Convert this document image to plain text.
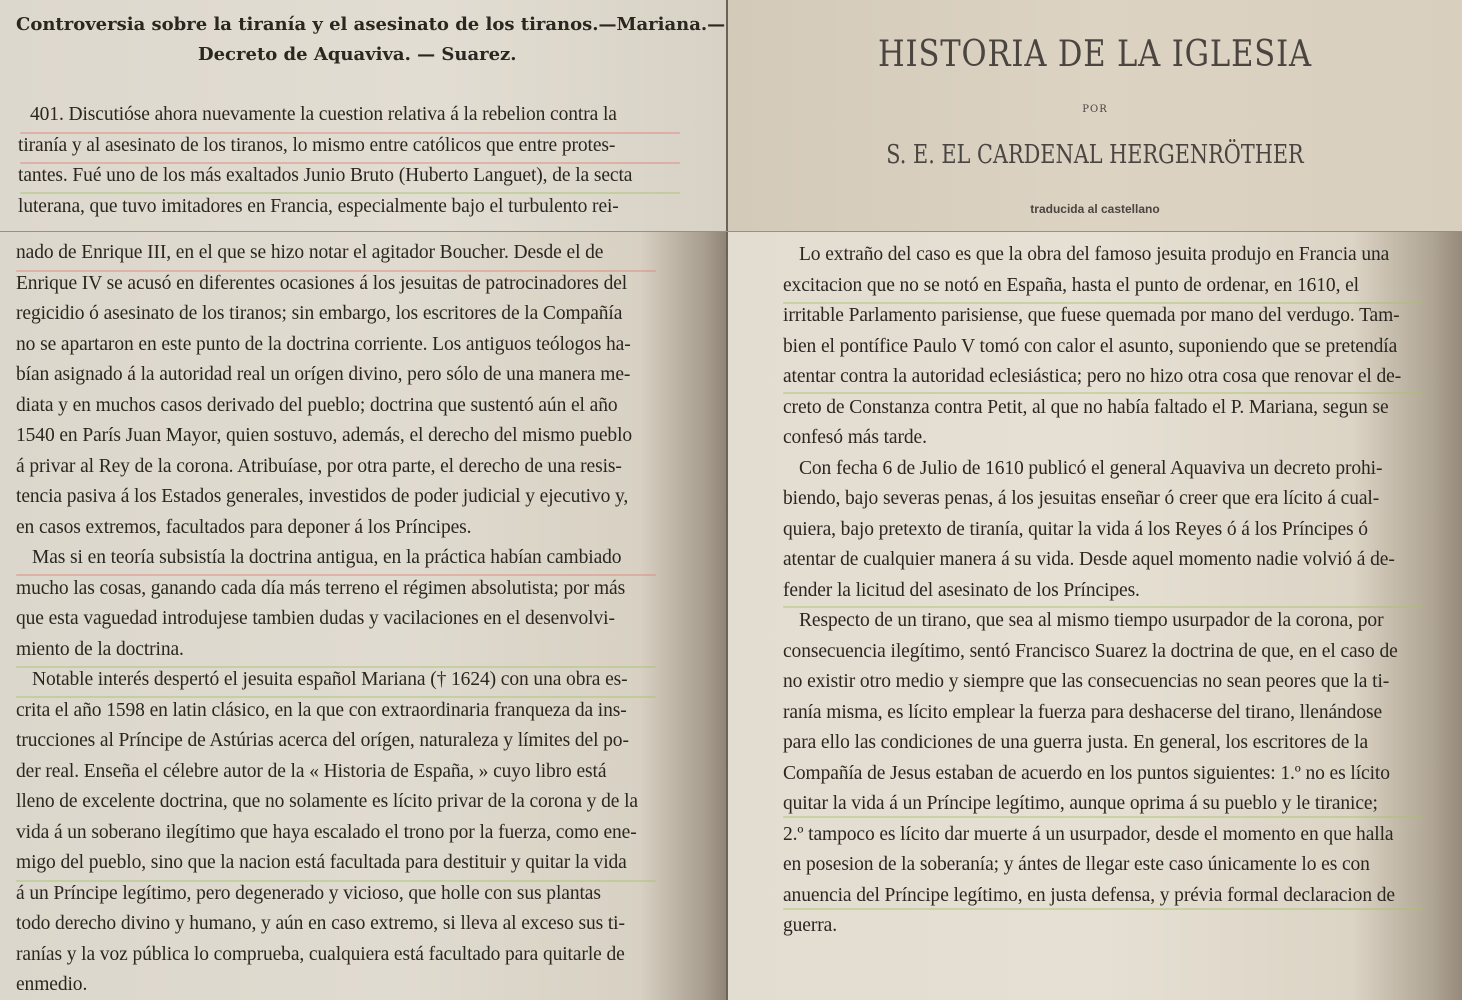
Controversia sobre la tiranía y el asesinato de los tiranos.—Mariana.—
Decreto de Aquaviva. — Suarez.
401. Discutióse ahora nuevamente la cuestion relativa á la rebelion contra la
tiranía y al asesinato de los tiranos, lo mismo entre católicos que entre protes-
tantes. Fué uno de los más exaltados Junio Bruto (Huberto Languet), de la secta
luterana, que tuvo imitadores en Francia, especialmente bajo el turbulento rei-
HISTORIA DE LA IGLESIA
POR
S. E. EL CARDENAL HERGENRÖTHER
traducida al castellano
nado de Enrique III, en el que se hizo notar el agitador Boucher. Desde el de
Enrique IV se acusó en diferentes ocasiones á los jesuitas de patrocinadores del
regicidio ó asesinato de los tiranos; sin embargo, los escritores de la Compañía
no se apartaron en este punto de la doctrina corriente. Los antiguos teólogos ha-
bían asignado á la autoridad real un orígen divino, pero sólo de una manera me-
diata y en muchos casos derivado del pueblo; doctrina que sustentó aún el año
1540 en París Juan Mayor, quien sostuvo, además, el derecho del mismo pueblo
á privar al Rey de la corona. Atribuíase, por otra parte, el derecho de una resis-
tencia pasiva á los Estados generales, investidos de poder judicial y ejecutivo y,
en casos extremos, facultados para deponer á los Príncipes.
Mas si en teoría subsistía la doctrina antigua, en la práctica habían cambiado
mucho las cosas, ganando cada día más terreno el régimen absolutista; por más
que esta vaguedad introdujese tambien dudas y vacilaciones en el desenvolvi-
miento de la doctrina.
Notable interés despertó el jesuita español Mariana († 1624) con una obra es-
crita el año 1598 en latin clásico, en la que con extraordinaria franqueza da ins-
trucciones al Príncipe de Astúrias acerca del orígen, naturaleza y límites del po-
der real. Enseña el célebre autor de la « Historia de España, » cuyo libro está
lleno de excelente doctrina, que no solamente es lícito privar de la corona y de la
vida á un soberano ilegítimo que haya escalado el trono por la fuerza, como ene-
migo del pueblo, sino que la nacion está facultada para destituir y quitar la vida
á un Príncipe legítimo, pero degenerado y vicioso, que holle con sus plantas
todo derecho divino y humano, y aún en caso extremo, si lleva al exceso sus ti-
ranías y la voz pública lo comprueba, cualquiera está facultado para quitarle de
enmedio.
Lo extraño del caso es que la obra del famoso jesuita produjo en Francia una
excitacion que no se notó en España, hasta el punto de ordenar, en 1610, el
irritable Parlamento parisiense, que fuese quemada por mano del verdugo. Tam-
bien el pontífice Paulo V tomó con calor el asunto, suponiendo que se pretendía
atentar contra la autoridad eclesiástica; pero no hizo otra cosa que renovar el de-
creto de Constanza contra Petit, al que no había faltado el P. Mariana, segun se
confesó más tarde.
Con fecha 6 de Julio de 1610 publicó el general Aquaviva un decreto prohi-
biendo, bajo severas penas, á los jesuitas enseñar ó creer que era lícito á cual-
quiera, bajo pretexto de tiranía, quitar la vida á los Reyes ó á los Príncipes ó
atentar de cualquier manera á su vida. Desde aquel momento nadie volvió á de-
fender la licitud del asesinato de los Príncipes.
Respecto de un tirano, que sea al mismo tiempo usurpador de la corona, por
consecuencia ilegítimo, sentó Francisco Suarez la doctrina de que, en el caso de
no existir otro medio y siempre que las consecuencias no sean peores que la ti-
ranía misma, es lícito emplear la fuerza para deshacerse del tirano, llenándose
para ello las condiciones de una guerra justa. En general, los escritores de la
Compañía de Jesus estaban de acuerdo en los puntos siguientes: 1.º no es lícito
quitar la vida á un Príncipe legítimo, aunque oprima á su pueblo y le tiranice;
2.º tampoco es lícito dar muerte á un usurpador, desde el momento en que halla
en posesion de la soberanía; y ántes de llegar este caso únicamente lo es con
anuencia del Príncipe legítimo, en justa defensa, y prévia formal declaracion de
guerra.
